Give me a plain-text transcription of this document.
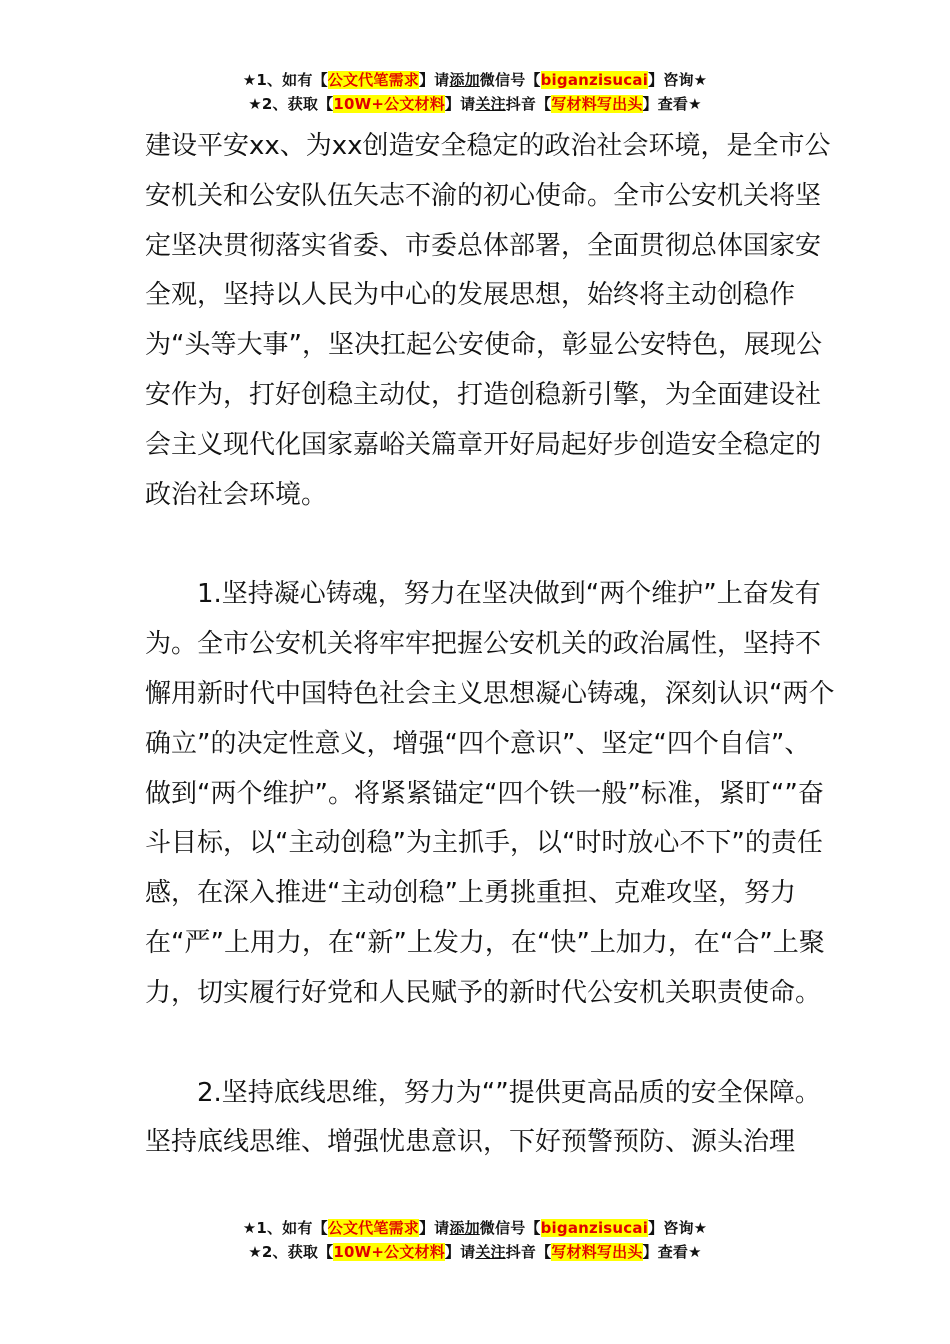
★1、如有【公文代笔需求】请添加微信号【biganzisucai】咨询★
★2、获取【10W+公文材料】请关注抖音【写材料写出头】查看★

建设平安xx、为xx创造安全稳定的政治社会环境，是全市公安机关和公安队伍矢志不渝的初心使命。全市公安机关将坚定坚决贯彻落实省委、市委总体部署，全面贯彻总体国家安全观，坚持以人民为中心的发展思想，始终将主动创稳作为“头等大事”，坚决扛起公安使命，彰显公安特色，展现公安作为，打好创稳主动仗，打造创稳新引擎，为全面建设社会主义现代化国家嘉峪关篇章开好局起好步创造安全稳定的政治社会环境。

1.坚持凝心铸魂，努力在坚决做到“两个维护”上奋发有为。全市公安机关将牢牢把握公安机关的政治属性，坚持不懈用新时代中国特色社会主义思想凝心铸魂，深刻认识“两个确立”的决定性意义，增强“四个意识”、坚定“四个自信”、做到“两个维护”。将紧紧锚定“四个铁一般”标准，紧盯“”奋斗目标，以“主动创稳”为主抓手，以“时时放心不下”的责任感，在深入推进“主动创稳”上勇挑重担、克难攻坚，努力在“严”上用力，在“新”上发力，在“快”上加力，在“合”上聚力，切实履行好党和人民赋予的新时代公安机关职责使命。

2.坚持底线思维，努力为“”提供更高品质的安全保障。坚持底线思维、增强忧患意识，下好预警预防、源头治理

★1、如有【公文代笔需求】请添加微信号【biganzisucai】咨询★
★2、获取【10W+公文材料】请关注抖音【写材料写出头】查看★
